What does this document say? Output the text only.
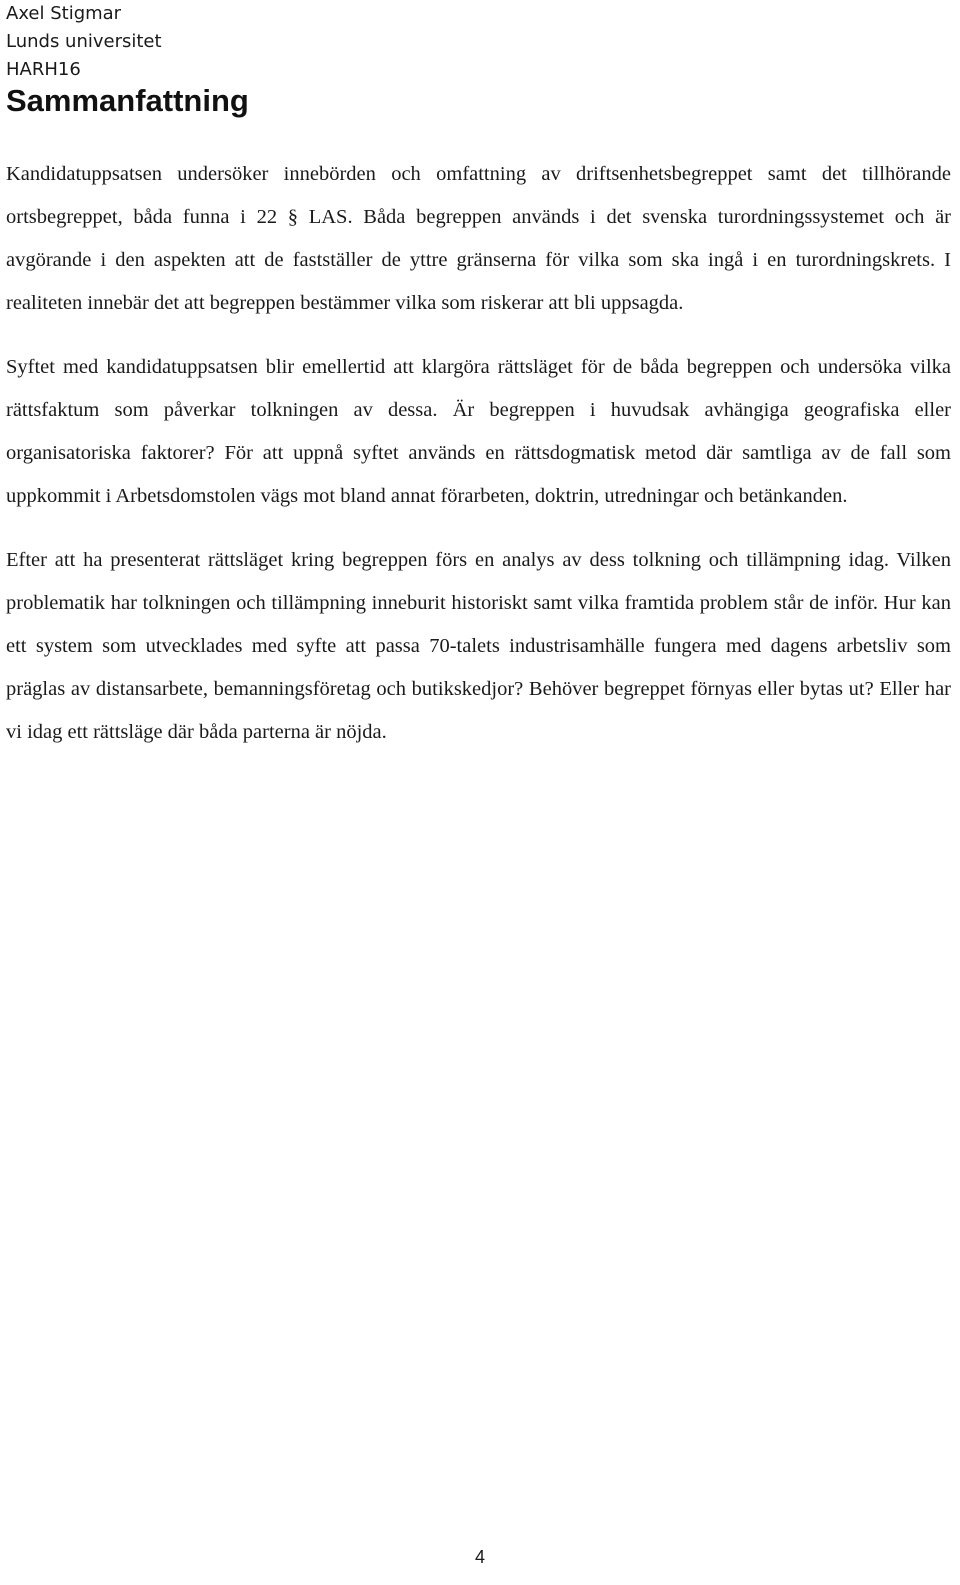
Axel Stigmar
Lunds universitet
HARH16
Sammanfattning

Kandidatuppsatsen undersöker innebörden och omfattning av driftsenhetsbegreppet samt det tillhörande ortsbegreppet, båda funna i 22 § LAS. Båda begreppen används i det svenska turordningssystemet och är avgörande i den aspekten att de fastställer de yttre gränserna för vilka som ska ingå i en turordningskrets. I realiteten innebär det att begreppen bestämmer vilka som riskerar att bli uppsagda.

Syftet med kandidatuppsatsen blir emellertid att klargöra rättsläget för de båda begreppen och undersöka vilka rättsfaktum som påverkar tolkningen av dessa. Är begreppen i huvudsak avhängiga geografiska eller organisatoriska faktorer? För att uppnå syftet används en rättsdogmatisk metod där samtliga av de fall som uppkommit i Arbetsdomstolen vägs mot bland annat förarbeten, doktrin, utredningar och betänkanden.

Efter att ha presenterat rättsläget kring begreppen förs en analys av dess tolkning och tillämpning idag. Vilken problematik har tolkningen och tillämpning inneburit historiskt samt vilka framtida problem står de inför. Hur kan ett system som utvecklades med syfte att passa 70-talets industrisamhälle fungera med dagens arbetsliv som präglas av distansarbete, bemanningsföretag och butikskedjor? Behöver begreppet förnyas eller bytas ut? Eller har vi idag ett rättsläge där båda parterna är nöjda.

4
